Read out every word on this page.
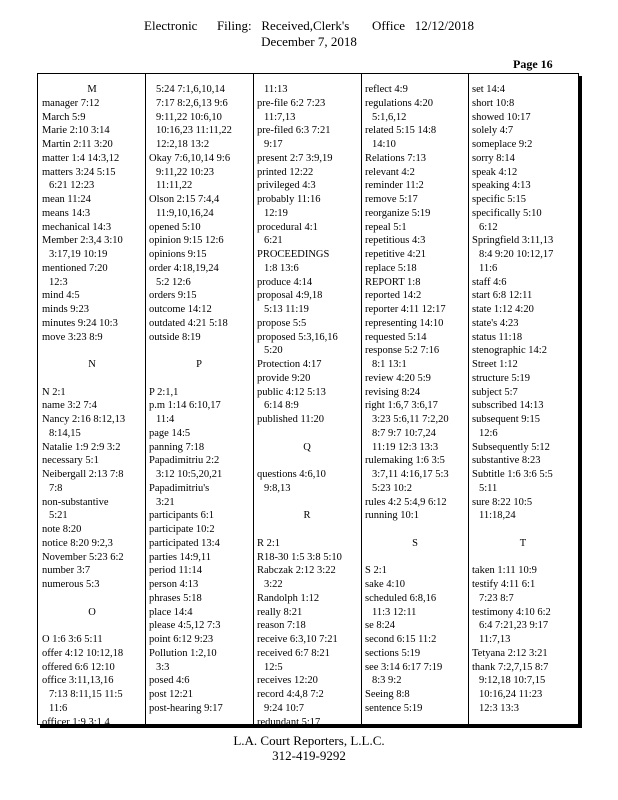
Electronic      Filing:   Received,Clerk's       Office   12/12/2018
December 7, 2018
Page 16
M
manager 7:12
March 5:9
Marie 2:10 3:14
Martin 2:11 3:20
matter 1:4 14:3,12
matters 3:24 5:15
6:21 12:23
mean 11:24
means 14:3
mechanical 14:3
Member 2:3,4 3:10
3:17,19 10:19
mentioned 7:20
12:3
mind 4:5
minds 9:23
minutes 9:24 10:3
move 3:23 8:9
N
N 2:1
name 3:2 7:4
Nancy 2:16 8:12,13
8:14,15
Natalie 1:9 2:9 3:2
necessary 5:1
Neibergall 2:13 7:8
7:8
non-substantive
5:21
note 8:20
notice 8:20 9:2,3
November 5:23 6:2
number 3:7
numerous 5:3
O
O 1:6 3:6 5:11
offer 4:12 10:12,18
offered 6:6 12:10
office 3:11,13,16
7:13 8:11,15 11:5
11:6
officer 1:9 3:1,4
5:24 7:1,6,10,14
7:17 8:2,6,13 9:6
9:11,22 10:6,10
10:16,23 11:11,22
12:2,18 13:2
Okay 7:6,10,14 9:6
9:11,22 10:23
11:11,22
Olson 2:15 7:4,4
11:9,10,16,24
opened 5:10
opinion 9:15 12:6
opinions 9:15
order 4:18,19,24
5:2 12:6
orders 9:15
outcome 14:12
outdated 4:21 5:18
outside 8:19
P
P 2:1,1
p.m 1:14 6:10,17
11:4
page 14:5
panning 7:18
Papadimitriu 2:2
3:12 10:5,20,21
Papadimitriu's
3:21
participants 6:1
participate 10:2
participated 13:4
parties 14:9,11
period 11:14
person 4:13
phrases 5:18
place 14:4
please 4:5,12 7:3
point 6:12 9:23
Pollution 1:2,10
3:3
posed 4:6
post 12:21
post-hearing 9:17
11:13
pre-file 6:2 7:23
11:7,13
pre-filed 6:3 7:21
9:17
present 2:7 3:9,19
printed 12:22
privileged 4:3
probably 11:16
12:19
procedural 4:1
6:21
PROCEEDINGS
1:8 13:6
produce 4:14
proposal 4:9,18
5:13 11:19
propose 5:5
proposed 5:3,16,16
5:20
Protection 4:17
provide 9:20
public 4:12 5:13
6:14 8:9
published 11:20
Q
questions 4:6,10
9:8,13
R
R 2:1
R18-30 1:5 3:8 5:10
Rabczak 2:12 3:22
3:22
Randolph 1:12
really 8:21
reason 7:18
receive 6:3,10 7:21
received 6:7 8:21
12:5
receives 12:20
record 4:4,8 7:2
9:24 10:7
redundant 5:17
reflect 4:9
regulations 4:20
5:1,6,12
related 5:15 14:8
14:10
Relations 7:13
relevant 4:2
reminder 11:2
remove 5:17
reorganize 5:19
repeal 5:1
repetitious 4:3
repetitive 4:21
replace 5:18
REPORT 1:8
reported 14:2
reporter 4:11 12:17
representing 14:10
requested 5:14
response 5:2 7:16
8:1 13:1
review 4:20 5:9
revising 8:24
right 1:6,7 3:6,17
3:23 5:6,11 7:2,20
8:7 9:7 10:7,24
11:19 12:3 13:3
rulemaking 1:6 3:5
3:7,11 4:16,17 5:3
5:23 10:2
rules 4:2 5:4,9 6:12
running 10:1
S
S 2:1
sake 4:10
scheduled 6:8,16
11:3 12:11
se 8:24
second 6:15 11:2
sections 5:19
see 3:14 6:17 7:19
8:3 9:2
Seeing 8:8
sentence 5:19
set 14:4
short 10:8
showed 10:17
solely 4:7
someplace 9:2
sorry 8:14
speak 4:12
speaking 4:13
specific 5:15
specifically 5:10
6:12
Springfield 3:11,13
8:4 9:20 10:12,17
11:6
staff 4:6
start 6:8 12:11
state 1:12 4:20
state's 4:23
status 11:18
stenographic 14:2
Street 1:12
structure 5:19
subject 5:7
subscribed 14:13
subsequent 9:15
12:6
Subsequently 5:12
substantive 8:23
Subtitle 1:6 3:6 5:5
5:11
sure 8:22 10:5
11:18,24
T
taken 1:11 10:9
testify 4:11 6:1
7:23 8:7
testimony 4:10 6:2
6:4 7:21,23 9:17
11:7,13
Tetyana 2:12 3:21
thank 7:2,7,15 8:7
9:12,18 10:7,15
10:16,24 11:23
12:3 13:3
L.A. Court Reporters, L.L.C.
312-419-9292
